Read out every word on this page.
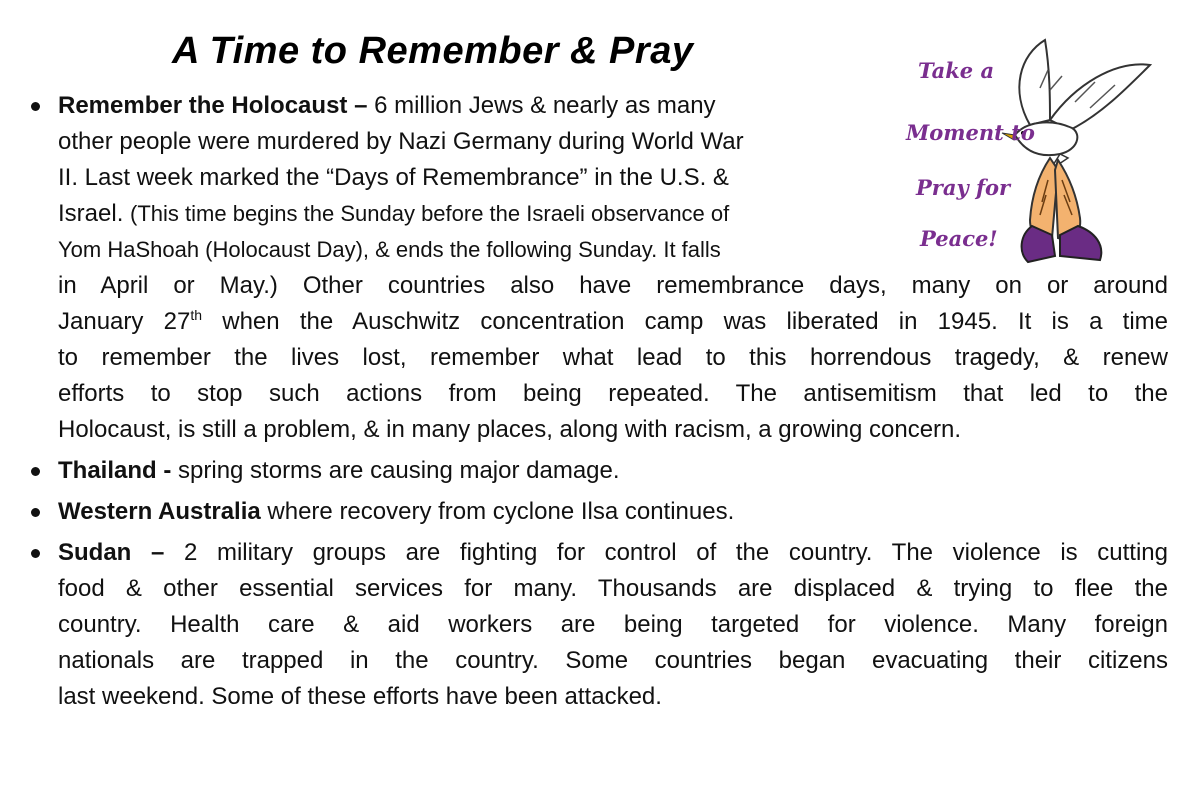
A Time to Remember & Pray	Take a
Moment to
Pray for
Peace!
Remember the Holocaust – 6 million Jews & nearly as many
other people were murdered by Nazi Germany during World War
II. Last week marked the “Days of Remembrance” in the U.S. &
Israel. (This time begins the Sunday before the Israeli observance of
Yom HaShoah (Holocaust Day), & ends the following Sunday. It falls
in April or May.) Other countries also have remembrance days, many on or around
January 27th when the Auschwitz concentration camp was liberated in 1945. It is a time
to remember the lives lost, remember what lead to this horrendous tragedy, & renew
efforts to stop such actions from being repeated. The antisemitism that led to the
Holocaust, is still a problem, & in many places, along with racism, a growing concern.
Thailand - spring storms are causing major damage.
Western Australia where recovery from cyclone Ilsa continues.
Sudan – 2 military groups are fighting for control of the country. The violence is cutting
food & other essential services for many. Thousands are displaced & trying to flee the
country. Health care & aid workers are being targeted for violence. Many foreign
nationals are trapped in the country. Some countries began evacuating their citizens
last weekend. Some of these efforts have been attacked.
